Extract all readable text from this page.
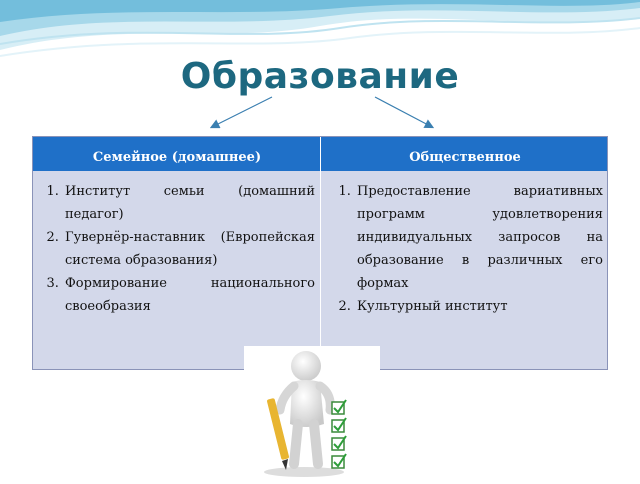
Образование
Семейное (домашнее)	Общественное
1. Институт семьи (домашний педагог)
2. Гувернёр-наставник (Европейская система образования)
3. Формирование национального своеобразия
1. Предоставление вариативных программ удовлетворения индивидуальных запросов на образование в различных его формах
2. Культурный институт
